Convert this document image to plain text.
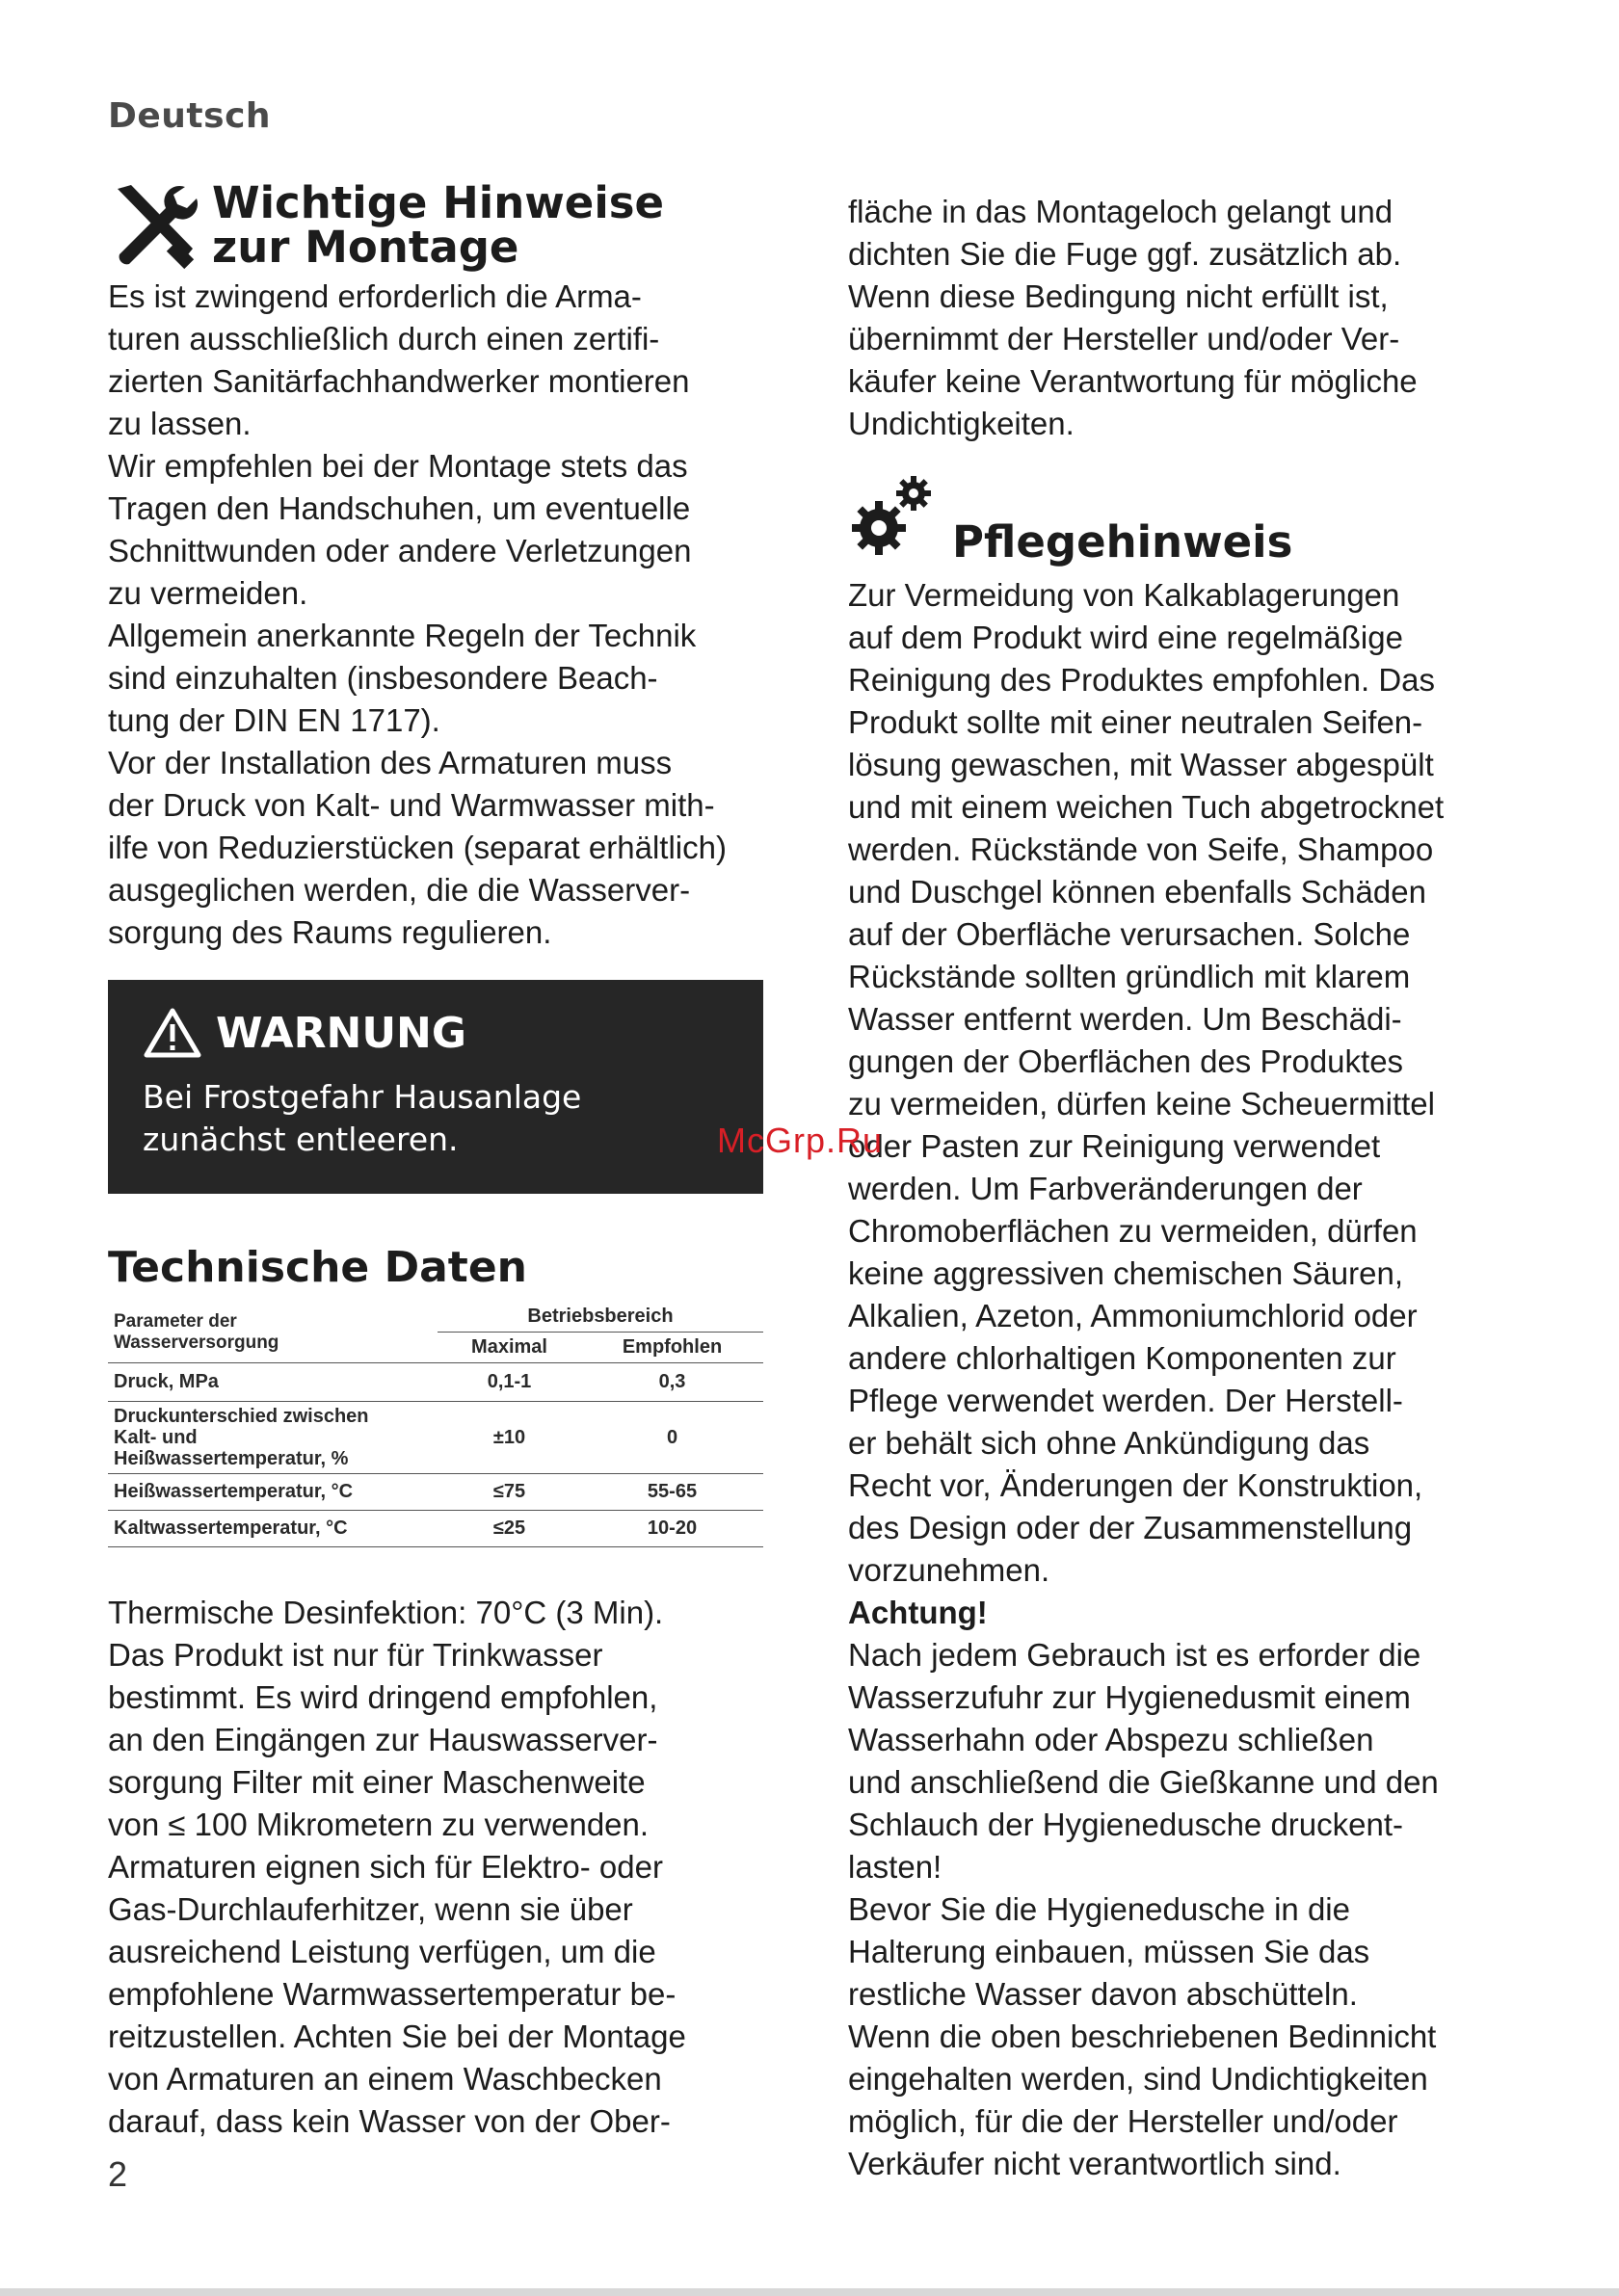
Deutsch
Wichtige Hinweise
zur Montage

Es ist zwingend erforderlich die Arma-
turen ausschließlich durch einen zertifi-
zierten Sanitärfachhandwerker montieren
zu lassen.

Wir empfehlen bei der Montage stets das
Tragen den Handschuhen, um eventuelle
Schnittwunden oder andere Verletzungen
zu vermeiden.

Allgemein anerkannte Regeln der Technik
sind einzuhalten (insbesondere Beach-
tung der DIN EN 1717).

Vor der Installation des Armaturen muss
der Druck von Kalt- und Warmwasser mith-
ilfe von Reduzierstücken (separat erhältlich)
ausgeglichen werden, die die Wasserver-
sorgung des Raums regulieren.

WARNUNG
Bei Frostgefahr Hausanlage
zunächst entleeren.
Technische Daten
Parameter der
Wasserversorgung	Betriebsbereich	
	Maximal	Empfohlen
Druck, MPa	0,1-1	0,3
Druckunterschied zwischen
Kalt- und
Heißwassertemperatur, %	±10	0
Heißwassertemperatur, °C	≤75	55-65
Kaltwassertemperatur, °C	≤25	10-20

Thermische Desinfektion: 70°C (3 Min).
Das Produkt ist nur für Trinkwasser
bestimmt. Es wird dringend empfohlen,
an den Eingängen zur Hauswasserver-
sorgung Filter mit einer Maschenweite
von ≤ 100 Mikrometern zu verwenden.
Armaturen eignen sich für Elektro- oder
Gas-Durchlauferhitzer, wenn sie über
ausreichend Leistung verfügen, um die
empfohlene Warmwassertemperatur be-
reitzustellen. Achten Sie bei der Montage
von Armaturen an einem Waschbecken
darauf, dass kein Wasser von der Ober-

fläche in das Montageloch gelangt und
dichten Sie die Fuge ggf. zusätzlich ab.
Wenn diese Bedingung nicht erfüllt ist,
übernimmt der Hersteller und/oder Ver-
käufer keine Verantwortung für mögliche
Undichtigkeiten.

Pflegehinweis

Zur Vermeidung von Kalkablagerungen
auf dem Produkt wird eine regelmäßige
Reinigung des Produktes empfohlen. Das
Produkt sollte mit einer neutralen Seifen-
lösung gewaschen, mit Wasser abgespült
und mit einem weichen Tuch abgetrocknet
werden. Rückstände von Seife, Shampoo
und Duschgel können ebenfalls Schäden
auf der Oberfläche verursachen. Solche
Rückstände sollten gründlich mit klarem
Wasser entfernt werden. Um Beschädi-
gungen der Oberflächen des Produktes
zu vermeiden, dürfen keine Scheuermittel
oder Pasten zur Reinigung verwendet
werden. Um Farbveränderungen der
Chromoberflächen zu vermeiden, dürfen
keine aggressiven chemischen Säuren,
Alkalien, Azeton, Ammoniumchlorid oder
andere chlorhaltigen Komponenten zur
Pflege verwendet werden. Der Herstell-
er behält sich ohne Ankündigung das
Recht vor, Änderungen der Konstruktion,
des Design oder der Zusammenstellung
vorzunehmen.

Achtung!

Nach jedem Gebrauch ist es erforder die
Wasserzufuhr zur Hygienedusmit einem
Wasserhahn oder Abspezu schließen
und anschließend die Gießkanne und den
Schlauch der Hygienedusche druckent-
lasten!
Bevor Sie die Hygienedusche in die
Halterung einbauen, müssen Sie das
restliche Wasser davon abschütteln.
Wenn die oben beschriebenen Bedinnicht
eingehalten werden, sind Undichtigkeiten
möglich, für die der Hersteller und/oder
Verkäufer nicht verantwortlich sind.

McGrp.Ru
2
